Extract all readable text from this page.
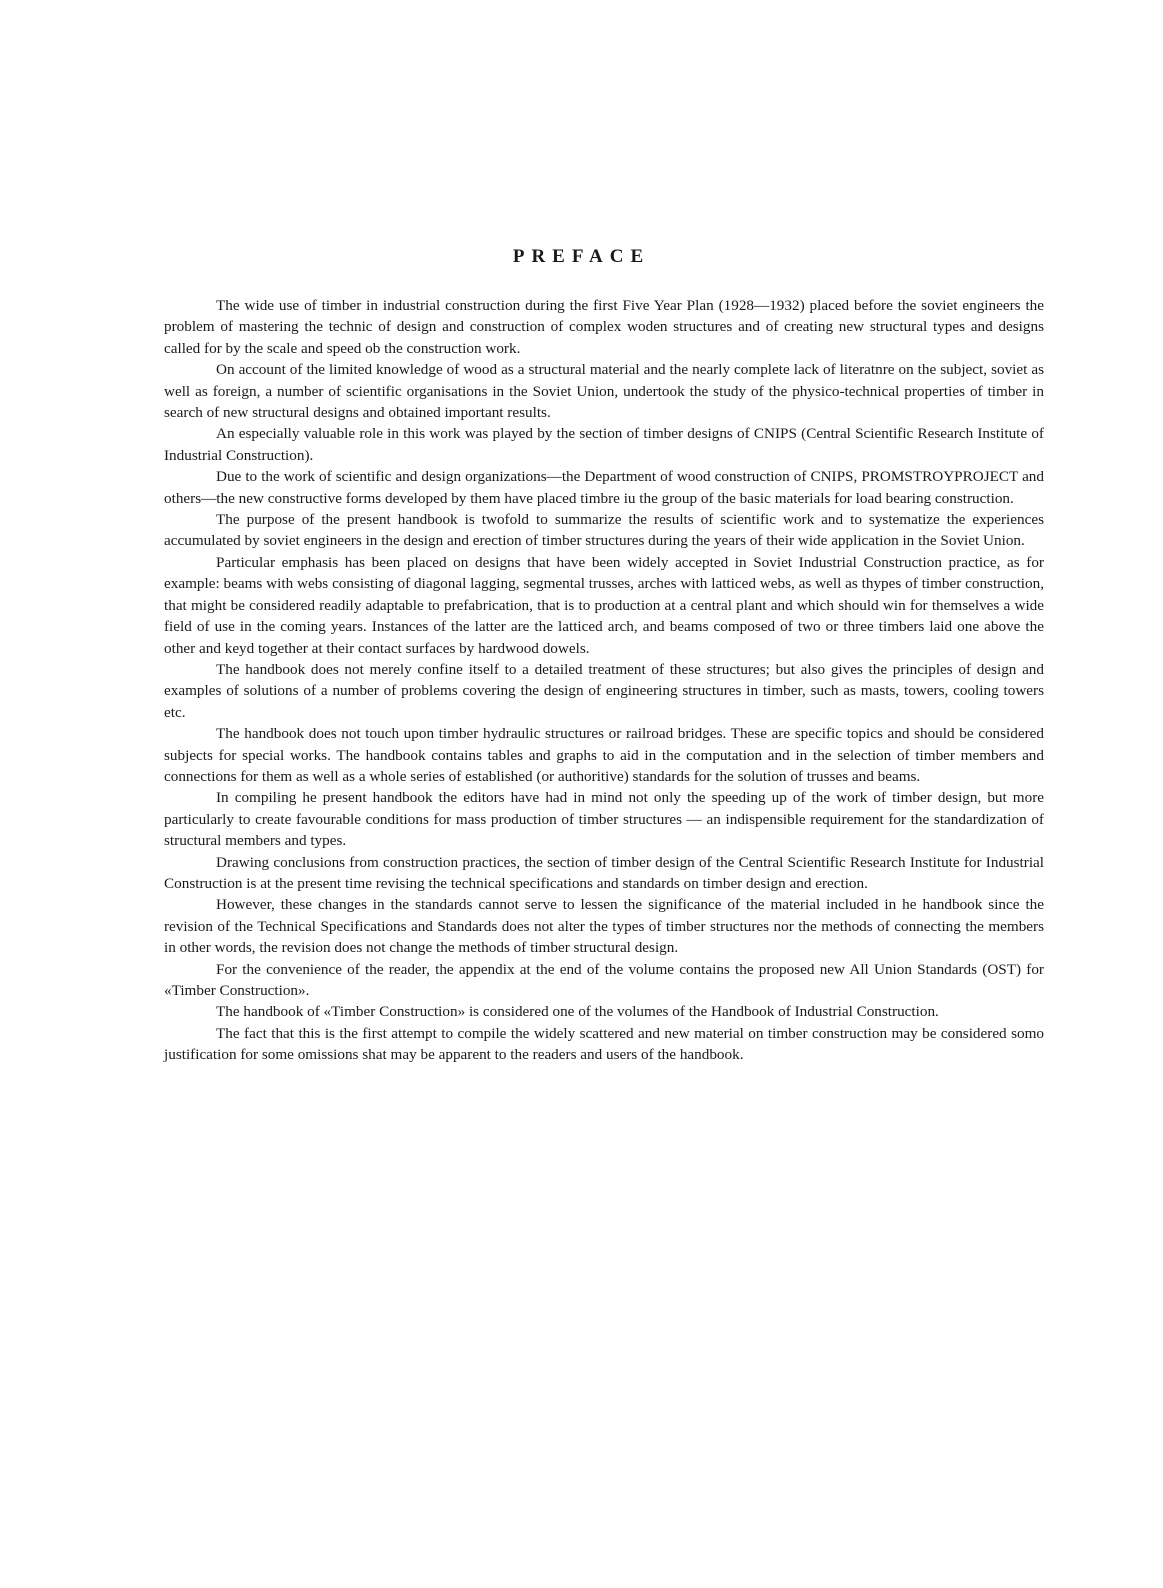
PREFACE

The wide use of timber in industrial construction during the first Five Year Plan (1928—1932) placed before the soviet engineers the problem of mastering the technic of design and construction of complex woden structures and of creating new structural types and designs called for by the scale and speed ob the construction work.

On account of the limited knowledge of wood as a structural material and the nearly complete lack of literatnre on the subject, soviet as well as foreign, a number of scientific organisations in the Soviet Union, undertook the study of the physico-technical properties of timber in search of new structural designs and obtained important results.

An especially valuable role in this work was played by the section of timber designs of CNIPS (Central Scientific Research Institute of Industrial Construction).

Due to the work of scientific and design organizations—the Department of wood construction of CNIPS, PROMSTROYPROJECT and others—the new constructive forms developed by them have placed timbre iu the group of the basic materials for load bearing construction.

The purpose of the present handbook is twofold to summarize the results of scientific work and to systematize the experiences accumulated by soviet engineers in the design and erection of timber structures during the years of their wide application in the Soviet Union.

Particular emphasis has been placed on designs that have been widely accepted in Soviet Industrial Construction practice, as for example: beams with webs consisting of diagonal lagging, segmental trusses, arches with latticed webs, as well as thypes of timber construction, that might be considered readily adaptable to prefabrication, that is to production at a central plant and which should win for themselves a wide field of use in the coming years. Instances of the latter are the latticed arch, and beams composed of two or three timbers laid one above the other and keyd together at their contact surfaces by hardwood dowels.

The handbook does not merely confine itself to a detailed treatment of these structures; but also gives the principles of design and examples of solutions of a number of problems covering the design of engineering structures in timber, such as masts, towers, cooling towers etc.

The handbook does not touch upon timber hydraulic structures or railroad bridges. These are specific topics and should be considered subjects for special works. The handbook contains tables and graphs to aid in the computation and in the selection of timber members and connections for them as well as a whole series of established (or authoritive) standards for the solution of trusses and beams.

In compiling he present handbook the editors have had in mind not only the speeding up of the work of timber design, but more particularly to create favourable conditions for mass production of timber structures — an indispensible requirement for the standardization of structural members and types.

Drawing conclusions from construction practices, the section of timber design of the Central Scientific Research Institute for Industrial Construction is at the present time revising the technical specifications and standards on timber design and erection.

However, these changes in the standards cannot serve to lessen the significance of the material included in he handbook since the revision of the Technical Specifications and Standards does not alter the types of timber structures nor the methods of connecting the members in other words, the revision does not change the methods of timber structural design.

For the convenience of the reader, the appendix at the end of the volume contains the proposed new All Union Standards (OST) for «Timber Construction».

The handbook of «Timber Construction» is considered one of the volumes of the Handbook of Industrial Construction.

The fact that this is the first attempt to compile the widely scattered and new material on timber construction may be considered somo justification for some omissions shat may be apparent to the readers and users of the handbook.
